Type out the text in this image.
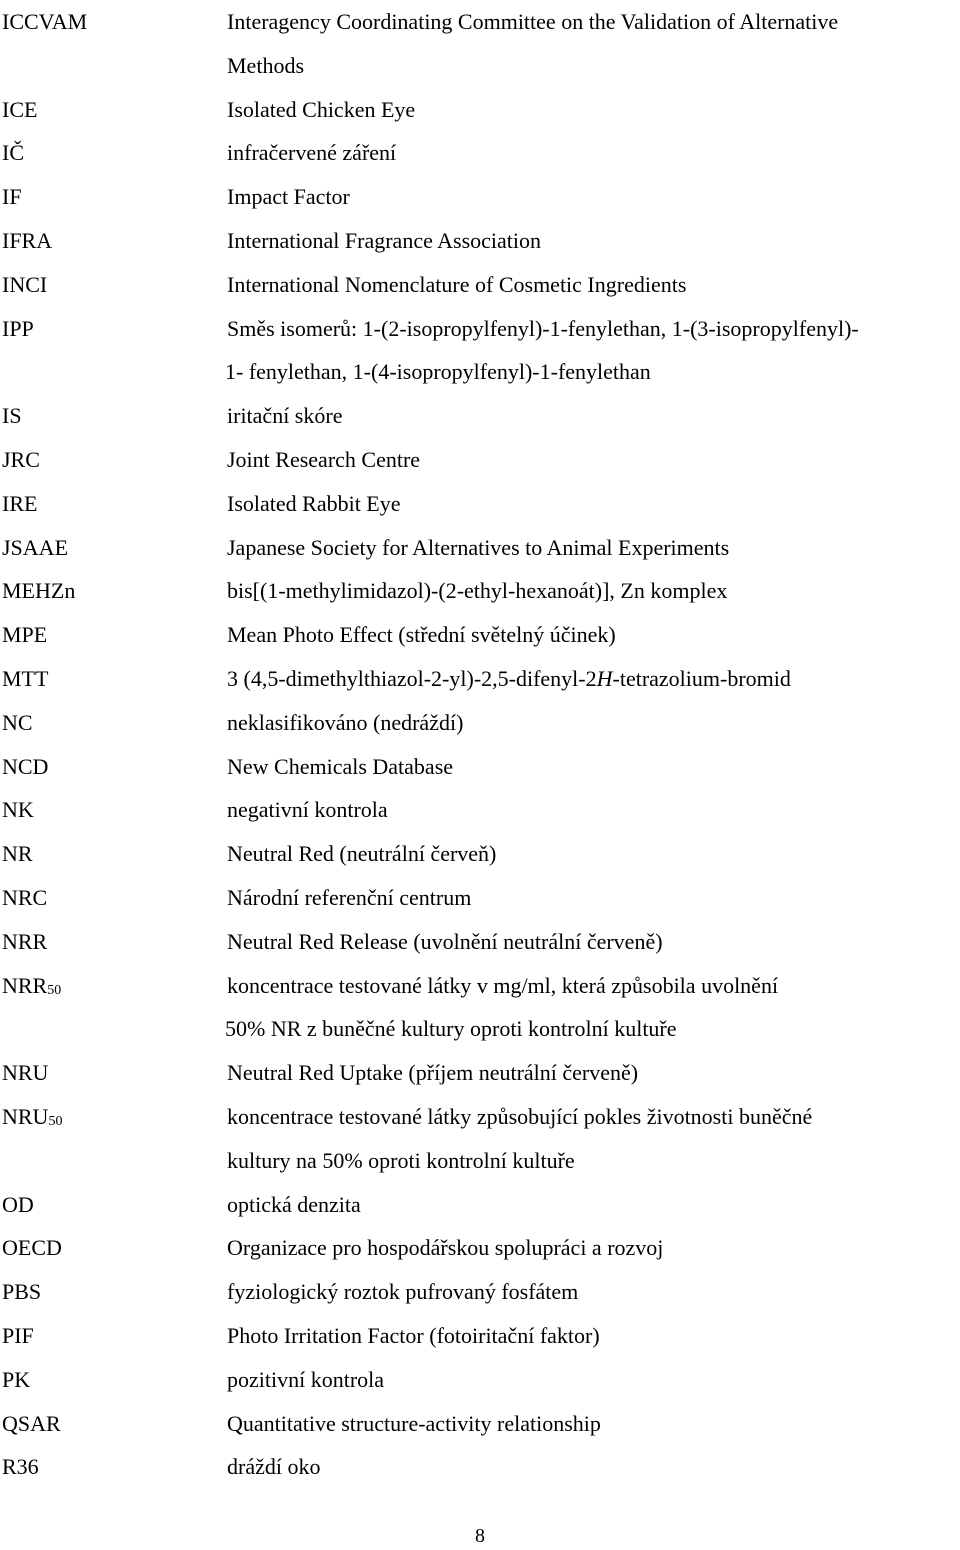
ICCVAM	Interagency Coordinating Committee on the Validation of Alternative
Methods
ICE	Isolated Chicken Eye
IČ	infračervené záření
IF	Impact Factor
IFRA	International Fragrance Association
INCI	International Nomenclature of Cosmetic Ingredients
IPP	Směs isomerů: 1-(2-isopropylfenyl)-1-fenylethan, 1-(3-isopropylfenyl)-
1- fenylethan, 1-(4-isopropylfenyl)-1-fenylethan
IS	iritační skóre
JRC	Joint Research Centre
IRE	Isolated Rabbit Eye
JSAAE	Japanese Society for Alternatives to Animal Experiments
MEHZn	bis[(1-methylimidazol)-(2-ethyl-hexanoát)], Zn komplex
MPE	Mean Photo Effect (střední světelný účinek)
MTT	3 (4,5-dimethylthiazol-2-yl)-2,5-difenyl-2H-tetrazolium-bromid
NC	neklasifikováno (nedráždí)
NCD	New Chemicals Database
NK	negativní kontrola
NR	Neutral Red (neutrální červeň)
NRC	Národní referenční centrum
NRR	Neutral Red Release (uvolnění neutrální červeně)
$NRR_{50}$	koncentrace testované látky v mg/ml, která způsobila uvolnění
50% NR z buněčné kultury oproti kontrolní kultuře
NRU	Neutral Red Uptake (příjem neutrální červeně)
$NRU_{50}$	koncentrace testované látky způsobující pokles životnosti buněčné
kultury na 50% oproti kontrolní kultuře
OD	optická denzita
OECD	Organizace pro hospodářskou spolupráci a rozvoj
PBS	fyziologický roztok pufrovaný fosfátem
PIF	Photo Irritation Factor (fotoiritační faktor)
PK	pozitivní kontrola
QSAR	Quantitative structure-activity relationship
R36	dráždí oko
8
